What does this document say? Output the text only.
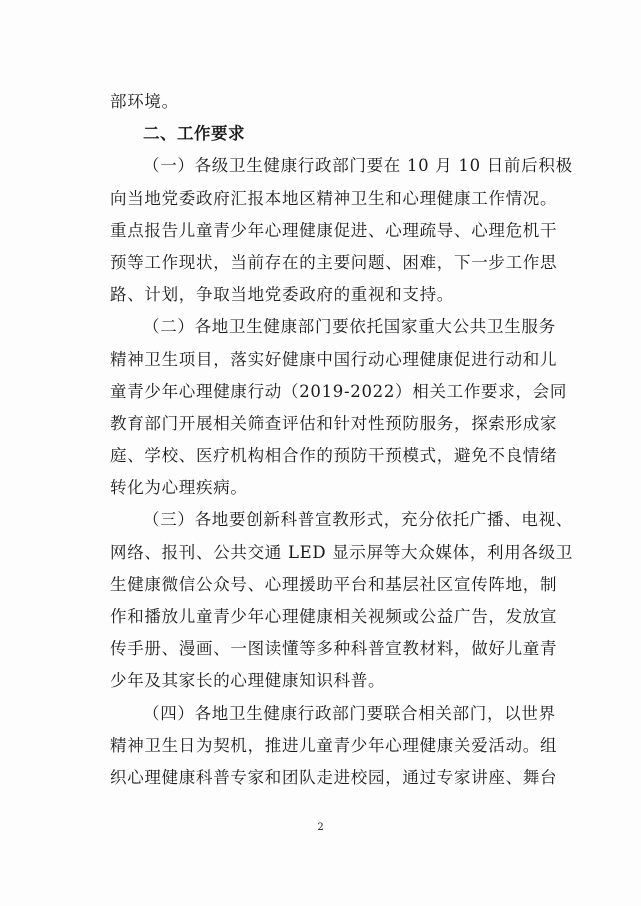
部环境。
二、工作要求
（一）各级卫生健康行政部门要在 10 月 10 日前后积极
向当地党委政府汇报本地区精神卫生和心理健康工作情况。
重点报告儿童青少年心理健康促进、心理疏导、心理危机干
预等工作现状，当前存在的主要问题、困难，下一步工作思
路、计划，争取当地党委政府的重视和支持。
（二）各地卫生健康部门要依托国家重大公共卫生服务
精神卫生项目，落实好健康中国行动心理健康促进行动和儿
童青少年心理健康行动（2019-2022）相关工作要求，会同
教育部门开展相关筛查评估和针对性预防服务，探索形成家
庭、学校、医疗机构相合作的预防干预模式，避免不良情绪
转化为心理疾病。
（三）各地要创新科普宣教形式，充分依托广播、电视、
网络、报刊、公共交通 LED 显示屏等大众媒体，利用各级卫
生健康微信公众号、心理援助平台和基层社区宣传阵地，制
作和播放儿童青少年心理健康相关视频或公益广告，发放宣
传手册、漫画、一图读懂等多种科普宣教材料，做好儿童青
少年及其家长的心理健康知识科普。
（四）各地卫生健康行政部门要联合相关部门，以世界
精神卫生日为契机，推进儿童青少年心理健康关爱活动。组
织心理健康科普专家和团队走进校园，通过专家讲座、舞台
2
